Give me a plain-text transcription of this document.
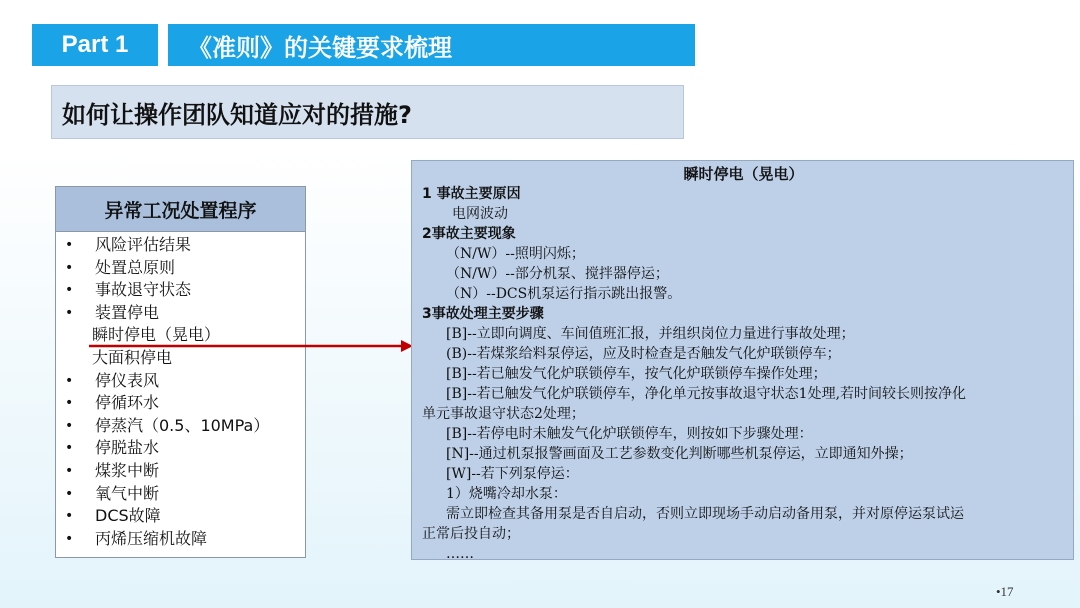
Part 1	《准则》的关键要求梳理
如何让操作团队知道应对的措施?
异常工况处置程序
• 风险评估结果
• 处置总原则
• 事故退守状态
• 装置停电
瞬时停电（晃电）
大面积停电
• 停仪表风
• 停循环水
• 停蒸汽（0.5、10MPa）
• 停脱盐水
• 煤浆中断
• 氧气中断
• DCS故障
• 丙烯压缩机故障
瞬时停电（晃电）
1 事故主要原因
电网波动
2事故主要现象
（N/W）--照明闪烁；
（N/W）--部分机泵、搅拌器停运；
（N）--DCS机泵运行指示跳出报警。
3事故处理主要步骤
[B]--立即向调度、车间值班汇报，并组织岗位力量进行事故处理；
(B)--若煤浆给料泵停运，应及时检查是否触发气化炉联锁停车；
[B]--若已触发气化炉联锁停车，按气化炉联锁停车操作处理；
[B]--若已触发气化炉联锁停车，净化单元按事故退守状态1处理,若时间较长则按净化
单元事故退守状态2处理；
[B]--若停电时未触发气化炉联锁停车，则按如下步骤处理：
[N]--通过机泵报警画面及工艺参数变化判断哪些机泵停运，立即通知外操；
[W]--若下列泵停运：
1）烧嘴冷却水泵：
需立即检查其备用泵是否自启动，否则立即现场手动启动备用泵，并对原停运泵试运
正常后投自动；
……
•17
